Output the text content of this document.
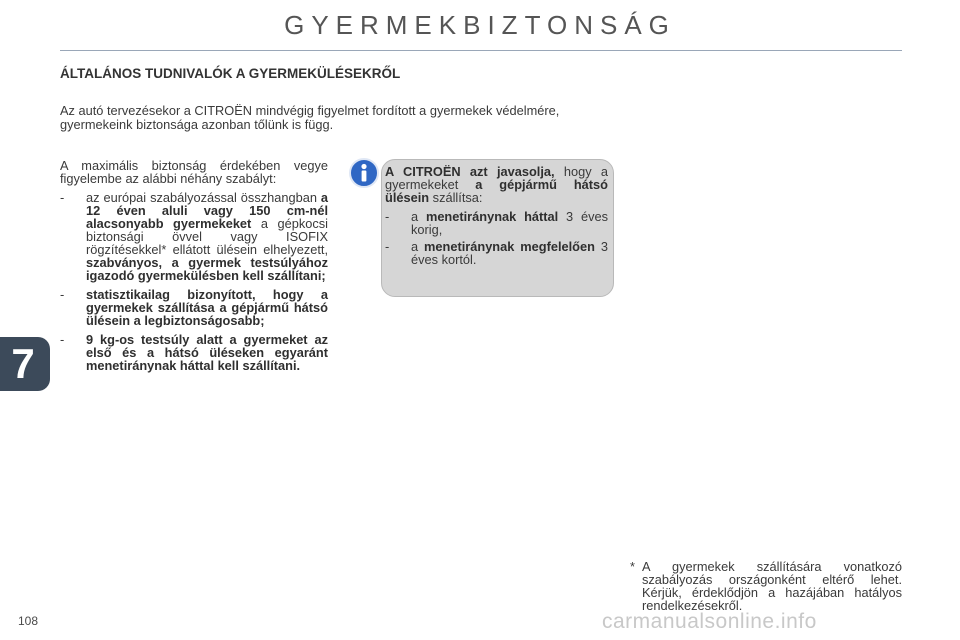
GYERMEKBIZTONSÁG
ÁLTALÁNOS TUDNIVALÓK A GYERMEKÜLÉSEKRŐL
Az autó tervezésekor a CITROËN mindvégig figyelmet fordított a gyermekek védelmére, gyermekeink biztonsága azonban tőlünk is függ.

A maximális biztonság érdekében vegye figyelembe az alábbi néhány szabályt:

- az európai szabályozással összhangban a 12 éven aluli vagy 150 cm-nél alacsonyabb gyermekeket a gépkocsi biztonsági övvel vagy ISOFIX rögzítésekkel* ellátott ülésein elhelyezett, szabványos, a gyermek testsúlyához igazodó gyermekülésben kell szállítani;
- statisztikailag bizonyított, hogy a gyermekek szállítása a gépjármű hátsó ülésein a legbiztonságosabb;
- 9 kg-os testsúly alatt a gyermeket az első és a hátsó üléseken egyaránt menetiránynak háttal kell szállítani.

A CITROËN azt javasolja, hogy a gyermekeket a gépjármű hátsó ülésein szállítsa:

- a menetiránynak háttal 3 éves korig,
- a menetiránynak megfelelően 3 éves kortól.
7
* A gyermekek szállítására vonatkozó szabályozás országonként eltérő lehet. Kérjük, érdeklődjön a hazájában hatályos rendelkezésekről.
108	carmanualsonline.info
